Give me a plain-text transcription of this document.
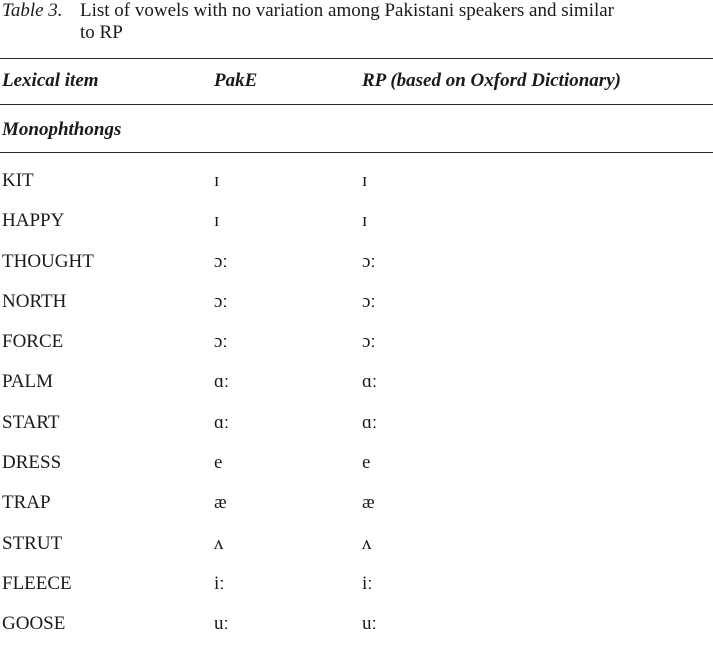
Table 3. List of vowels with no variation among Pakistani speakers and similar
to RP
Lexical item	PakE	RP (based on Oxford Dictionary)
Monophthongs
KIT	ɪ	ɪ
HAPPY	ɪ	ɪ
THOUGHT	ɔː	ɔː
NORTH	ɔː	ɔː
FORCE	ɔː	ɔː
PALM	ɑː	ɑː
START	ɑː	ɑː
DRESS	e	e
TRAP	æ	æ
STRUT	ʌ	ʌ
FLEECE	iː	iː
GOOSE	uː	uː
